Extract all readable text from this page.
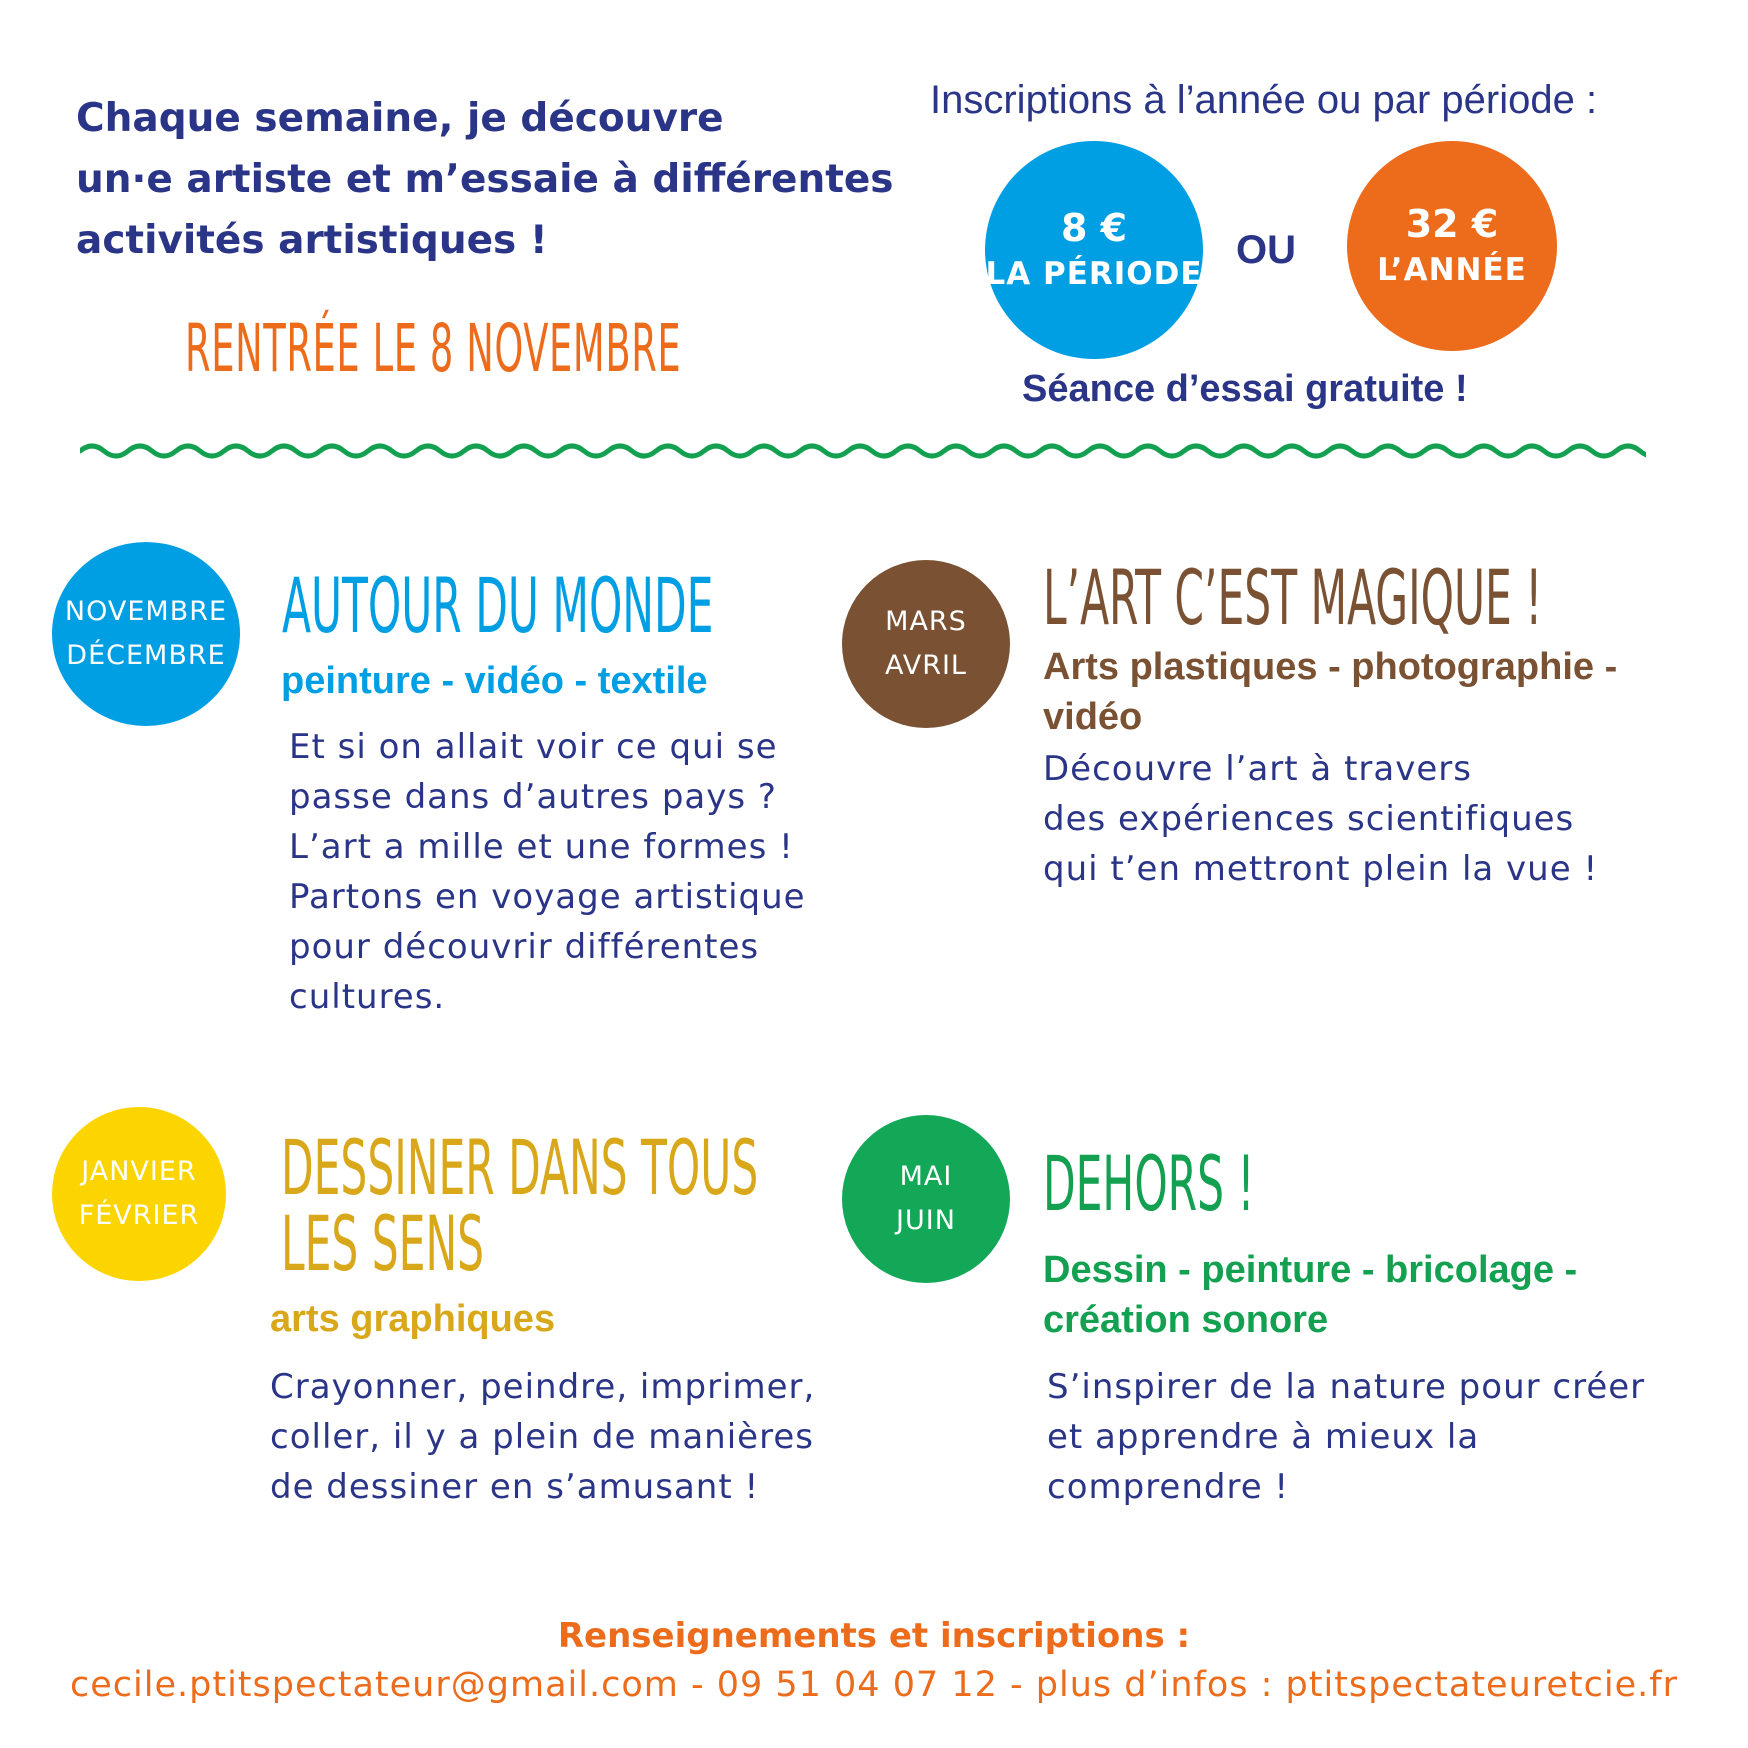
Chaque semaine, je découvre
un·e artiste et m’essaie à différentes
activités artistiques !
RENTRÉE LE 8 NOVEMBRE
Inscriptions à l’année ou par période :
8 €
LA PÉRIODE
OU
32 €
L’ANNÉE
Séance d’essai gratuite !
NOVEMBRE
DÉCEMBRE
AUTOUR DU MONDE
peinture - vidéo - textile
Et si on allait voir ce qui se
passe dans d’autres pays ?
L’art a mille et une formes !
Partons en voyage artistique
pour découvrir différentes
cultures.
MARS
AVRIL
L’ART C’EST MAGIQUE !
Arts plastiques - photographie -
vidéo
Découvre l’art à travers
des expériences scientifiques
qui t’en mettront plein la vue !
JANVIER
FÉVRIER
DESSINER DANS TOUS
LES SENS
arts graphiques
Crayonner, peindre, imprimer,
coller, il y a plein de manières
de dessiner en s’amusant !
MAI
JUIN DEHORS !
Dessin - peinture - bricolage -
création sonore
S’inspirer de la nature pour créer
et apprendre à mieux la
comprendre !
Renseignements et inscriptions :
cecile.ptitspectateur@gmail.com - 09 51 04 07 12 - plus d’infos : ptitspectateuretcie.fr
